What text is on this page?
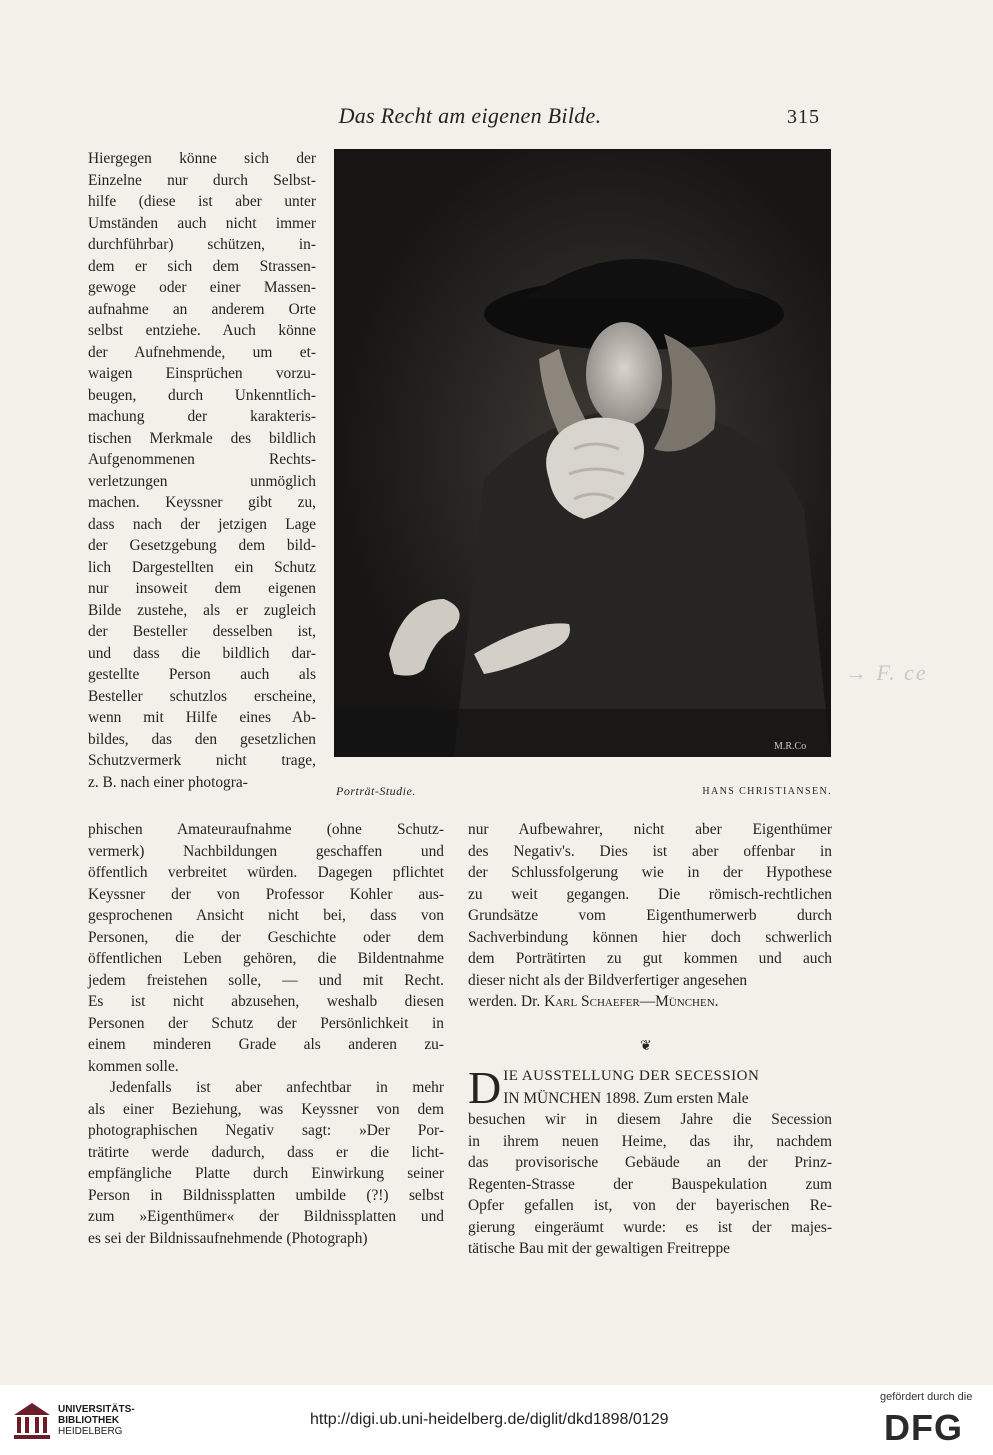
Das Recht am eigenen Bilde.	315
Hiergegen könne sich der
Einzelne nur durch Selbst-
hilfe (diese ist aber unter
Umständen auch nicht immer
durchführbar) schützen, in-
dem er sich dem Strassen-
gewoge oder einer Massen-
aufnahme an anderem Orte
selbst entziehe. Auch könne
der Aufnehmende, um et-
waigen Einsprüchen vorzu-
beugen, durch Unkenntlich-
machung der karakteris-
tischen Merkmale des bildlich
Aufgenommenen Rechts-
verletzungen unmöglich
machen. Keyssner gibt zu,
dass nach der jetzigen Lage
der Gesetzgebung dem bild-
lich Dargestellten ein Schutz
nur insoweit dem eigenen
Bilde zustehe, als er zugleich
der Besteller desselben ist,
und dass die bildlich dar-
gestellte Person auch als
Besteller schutzlos erscheine,
wenn mit Hilfe eines Ab-
bildes, das den gesetzlichen
Schutzvermerk nicht trage,
z. B. nach einer photogra-
M.R.Co
Porträt-Studie.	HANS CHRISTIANSEN.
phischen Amateuraufnahme (ohne Schutz-
vermerk) Nachbildungen geschaffen und
öffentlich verbreitet würden. Dagegen pflichtet
Keyssner der von Professor Kohler aus-
gesprochenen Ansicht nicht bei, dass von
Personen, die der Geschichte oder dem
öffentlichen Leben gehören, die Bildentnahme
jedem freistehen solle, — und mit Recht.
Es ist nicht abzusehen, weshalb diesen
Personen der Schutz der Persönlichkeit in
einem minderen Grade als anderen zu-
kommen solle.
Jedenfalls ist aber anfechtbar in mehr
als einer Beziehung, was Keyssner von dem
photographischen Negativ sagt: »Der Por-
trätirte werde dadurch, dass er die licht-
empfängliche Platte durch Einwirkung seiner
Person in Bildnissplatten umbilde (?!) selbst
zum »Eigenthümer« der Bildnissplatten und
es sei der Bildnissaufnehmende (Photograph)
nur Aufbewahrer, nicht aber Eigenthümer
des Negativ's. Dies ist aber offenbar in
der Schlussfolgerung wie in der Hypothese
zu weit gegangen. Die römisch-rechtlichen
Grundsätze vom Eigenthumerwerb durch
Sachverbindung können hier doch schwerlich
dem Porträtirten zu gut kommen und auch
dieser nicht als der Bildverfertiger angesehen

werden. Dr. Karl Schaefer—München.

❦

D IE AUSSTELLUNG DER SECESSION
IN MÜNCHEN 1898. Zum ersten Male

besuchen wir in diesem Jahre die Secession
in ihrem neuen Heime, das ihr, nachdem
das provisorische Gebäude an der Prinz-
Regenten-Strasse der Bauspekulation zum
Opfer gefallen ist, von der bayerischen Re-
gierung eingeräumt wurde: es ist der majes-
tätische Bau mit der gewaltigen Freitreppe
→ F. ce
UNIVERSITÄTS-
BIBLIOTHEK
HEIDELBERG
http://digi.ub.uni-heidelberg.de/diglit/dkd1898/0129
gefördert durch die
DFG
